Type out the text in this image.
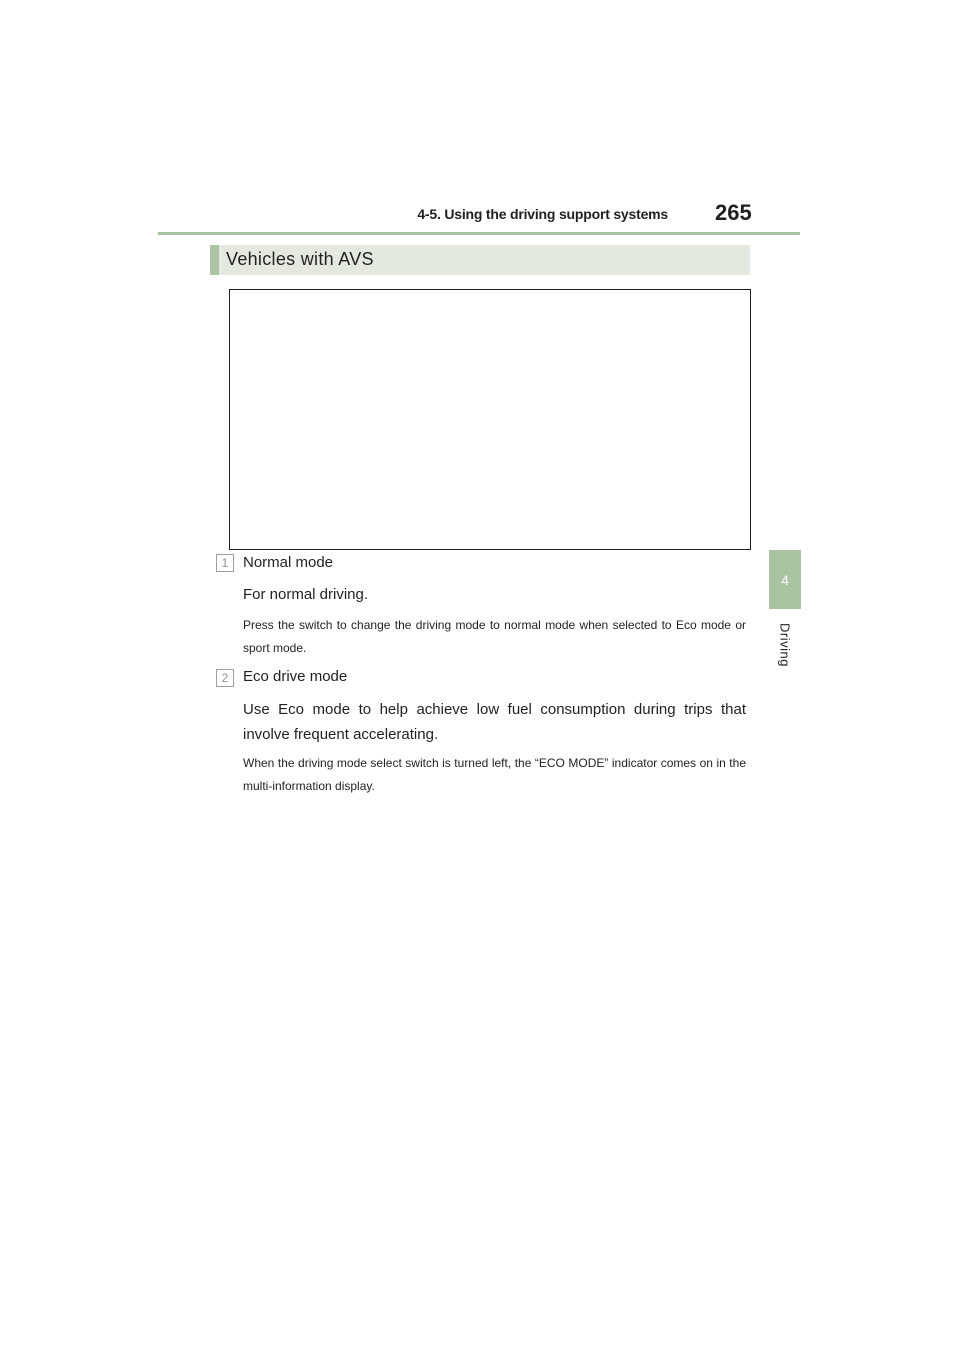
4-5. Using the driving support systems 265
4
Driving
Vehicles with AVS
1 Normal mode
For normal driving.
Press the switch to change the driving mode to normal mode when selected to Eco mode or sport mode.
2 Eco drive mode
Use Eco mode to help achieve low fuel consumption during trips that involve frequent accelerating.
When the driving mode select switch is turned left, the “ECO MODE” indicator comes on in the multi-information display.
